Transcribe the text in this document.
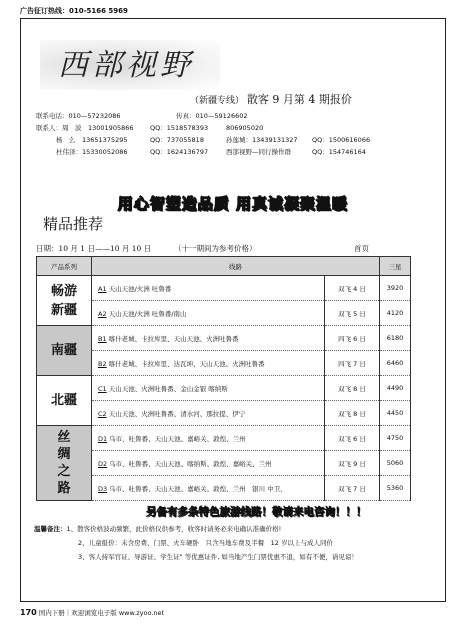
广告征订热线：010-5166 5969
西部视野
（新疆专线） 散客 9 月第 4 期报价
联系电话：010—57232086	传真：010—59126602
联系人：周　波　13001905866	QQ：1518578393	806905020
杨　么　13651375295	QQ：737055818	孙莲城：13439131327 QQ：1500616066
杜伟泽：15330052086	QQ：1624136797	西部视野—同行操作群	QQ：154746164
用心智塑造品质 用真诚凝聚温暖
精品推荐
日期：10 月 1 日——10 月 10 日	（十一期间为参考价格）	首页
产品系列	线路		三星
畅游
新疆	A1 天山天池/火洲 吐鲁番	双飞 4 日	3920
	A2 天山天池/火洲 吐鲁番/南山	双飞 5 日	4120
南疆	B1 喀什老城、卡拉库里、天山天池、火洲吐鲁番	四飞 6 日	6180
	B2 喀什老城、卡拉库里、达瓦坤、天山天池、火洲吐鲁番	四飞 7 日	6460
北疆	C1 天山天池、火洲吐鲁番、金山金银 喀纳斯	双飞 8 日	4490
	C2 天山天池、火洲吐鲁番、清水河、那拉提、伊宁	双飞 8 日	4450
丝
绸
之
路	D1 乌市、吐鲁番、天山天池、嘉峪关、敦煌、兰州	双飞 6 日	4750
	D2 乌市、吐鲁番、天山天池、喀纳斯、敦煌、嘉峪关、兰州	双飞 9 日	5060
	D3 乌市、吐鲁番、天山天池、嘉峪关、敦煌、兰州　银川 中卫、	双飞 7 日	5360
另备有多条特色旅游线路！敬请来电咨询！！！
温馨备注：1、散客价格波动频繁，此价格仅供参考，收客时请务必来电确认准确价格!
2、儿童报价：未含房费、门票、火车硬卧　只含当地车费及半餐　12 岁以上与成人同价
3、客人持军官证、导游证、学生证" 等优惠证件, 如当地产生门票优惠不退，如有不便，请见谅！
170 国内下册｜欢迎浏览电子版 www.zyoo.net
